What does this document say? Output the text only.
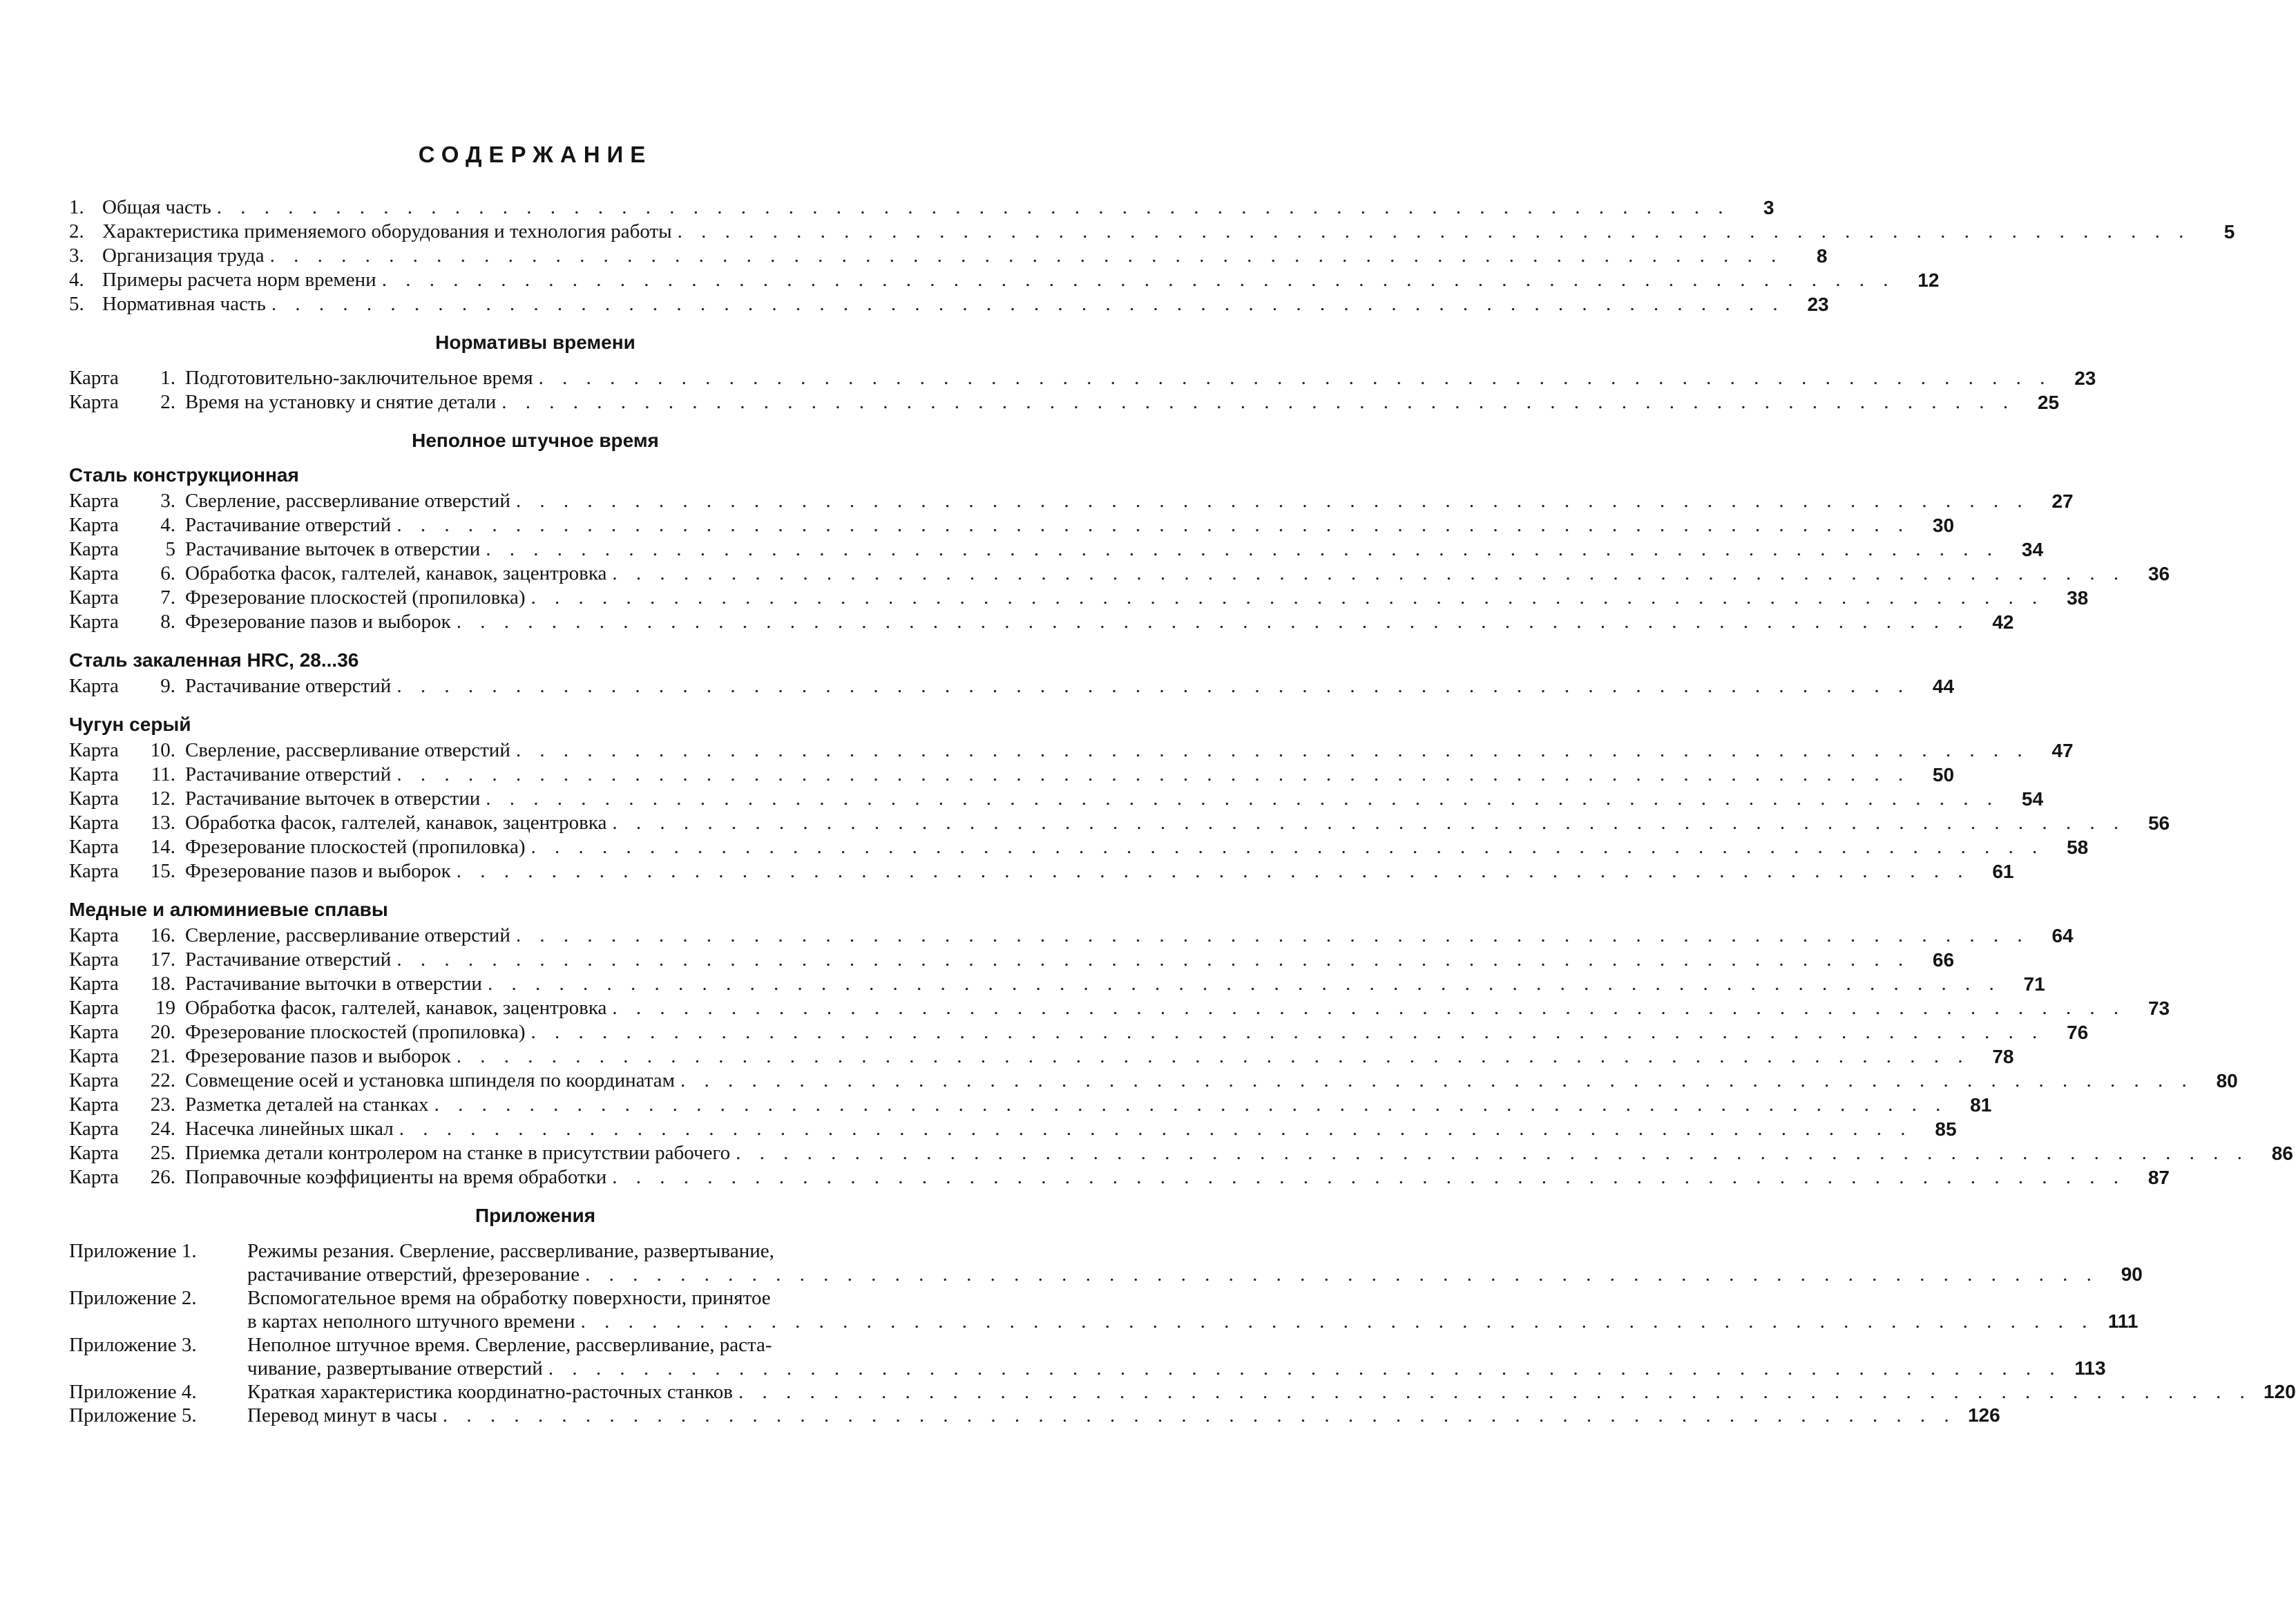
СОДЕРЖАНИЕ
1. Общая часть . . .	3
2. Характеристика применяемого оборудования и технология работы . . .	5
3. Организация труда . . .	8
4. Примеры расчета норм времени . . .	12
5. Нормативная часть . . .	23
Нормативы времени
Карта	1. Подготовительно-заключительное время . . .	23
Карта	2. Время на установку и снятие детали . . .	25
Неполное штучное время
Сталь конструкционная
Карта	3. Сверление, рассверливание отверстий . . .	27
Карта	4. Растачивание отверстий . . .	30
Карта	5 Растачивание выточек в отверстии . . .	34
Карта	6. Обработка фасок, галтелей, канавок, зацентровка . . .	36
Карта	7. Фрезерование плоскостей (пропиловка) . . .	38
Карта	8. Фрезерование пазов и выборок . . .	42
Сталь закаленная HRC, 28...36
Карта	9. Растачивание отверстий . . .	44
Чугун серый
Карта	10. Сверление, рассверливание отверстий . . .	47
Карта	11. Растачивание отверстий . . .	50
Карта	12. Растачивание выточек в отверстии . . .	54
Карта	13. Обработка фасок, галтелей, канавок, зацентровка . . .	56
Карта	14. Фрезерование плоскостей (пропиловка) . . .	58
Карта	15. Фрезерование пазов и выборок . . .	61
Медные и алюминиевые сплавы
Карта	16. Сверление, рассверливание отверстий . . .	64
Карта	17. Растачивание отверстий . . .	66
Карта	18. Растачивание выточки в отверстии . . .	71
Карта	19 Обработка фасок, галтелей, канавок, зацентровка . . .	73
Карта	20. Фрезерование плоскостей (пропиловка) . . .	76
Карта	21. Фрезерование пазов и выборок . . .	78
Карта	22. Совмещение осей и установка шпинделя по координатам . . .	80
Карта	23. Разметка деталей на станках . . .	81
Карта	24. Насечка линейных шкал . . .	85
Карта	25. Приемка детали контролером на станке в присутствии рабочего . . .	86
Карта	26. Поправочные коэффициенты на время обработки . . .	87
Приложения
Приложение 1.	Режимы резания. Сверление, рассверливание, развертывание,
растачивание отверстий, фрезерование . . .	90
Приложение 2.	Вспомогательное время на обработку поверхности, принятое
в картах неполного штучного времени . . .	111
Приложение 3.	Неполное штучное время. Сверление, рассверливание, раста-
чивание, развертывание отверстий . . .	113
Приложение 4.	Краткая характеристика координатно-расточных станков . . .	120
Приложение 5.	Перевод минут в часы . . .	126
